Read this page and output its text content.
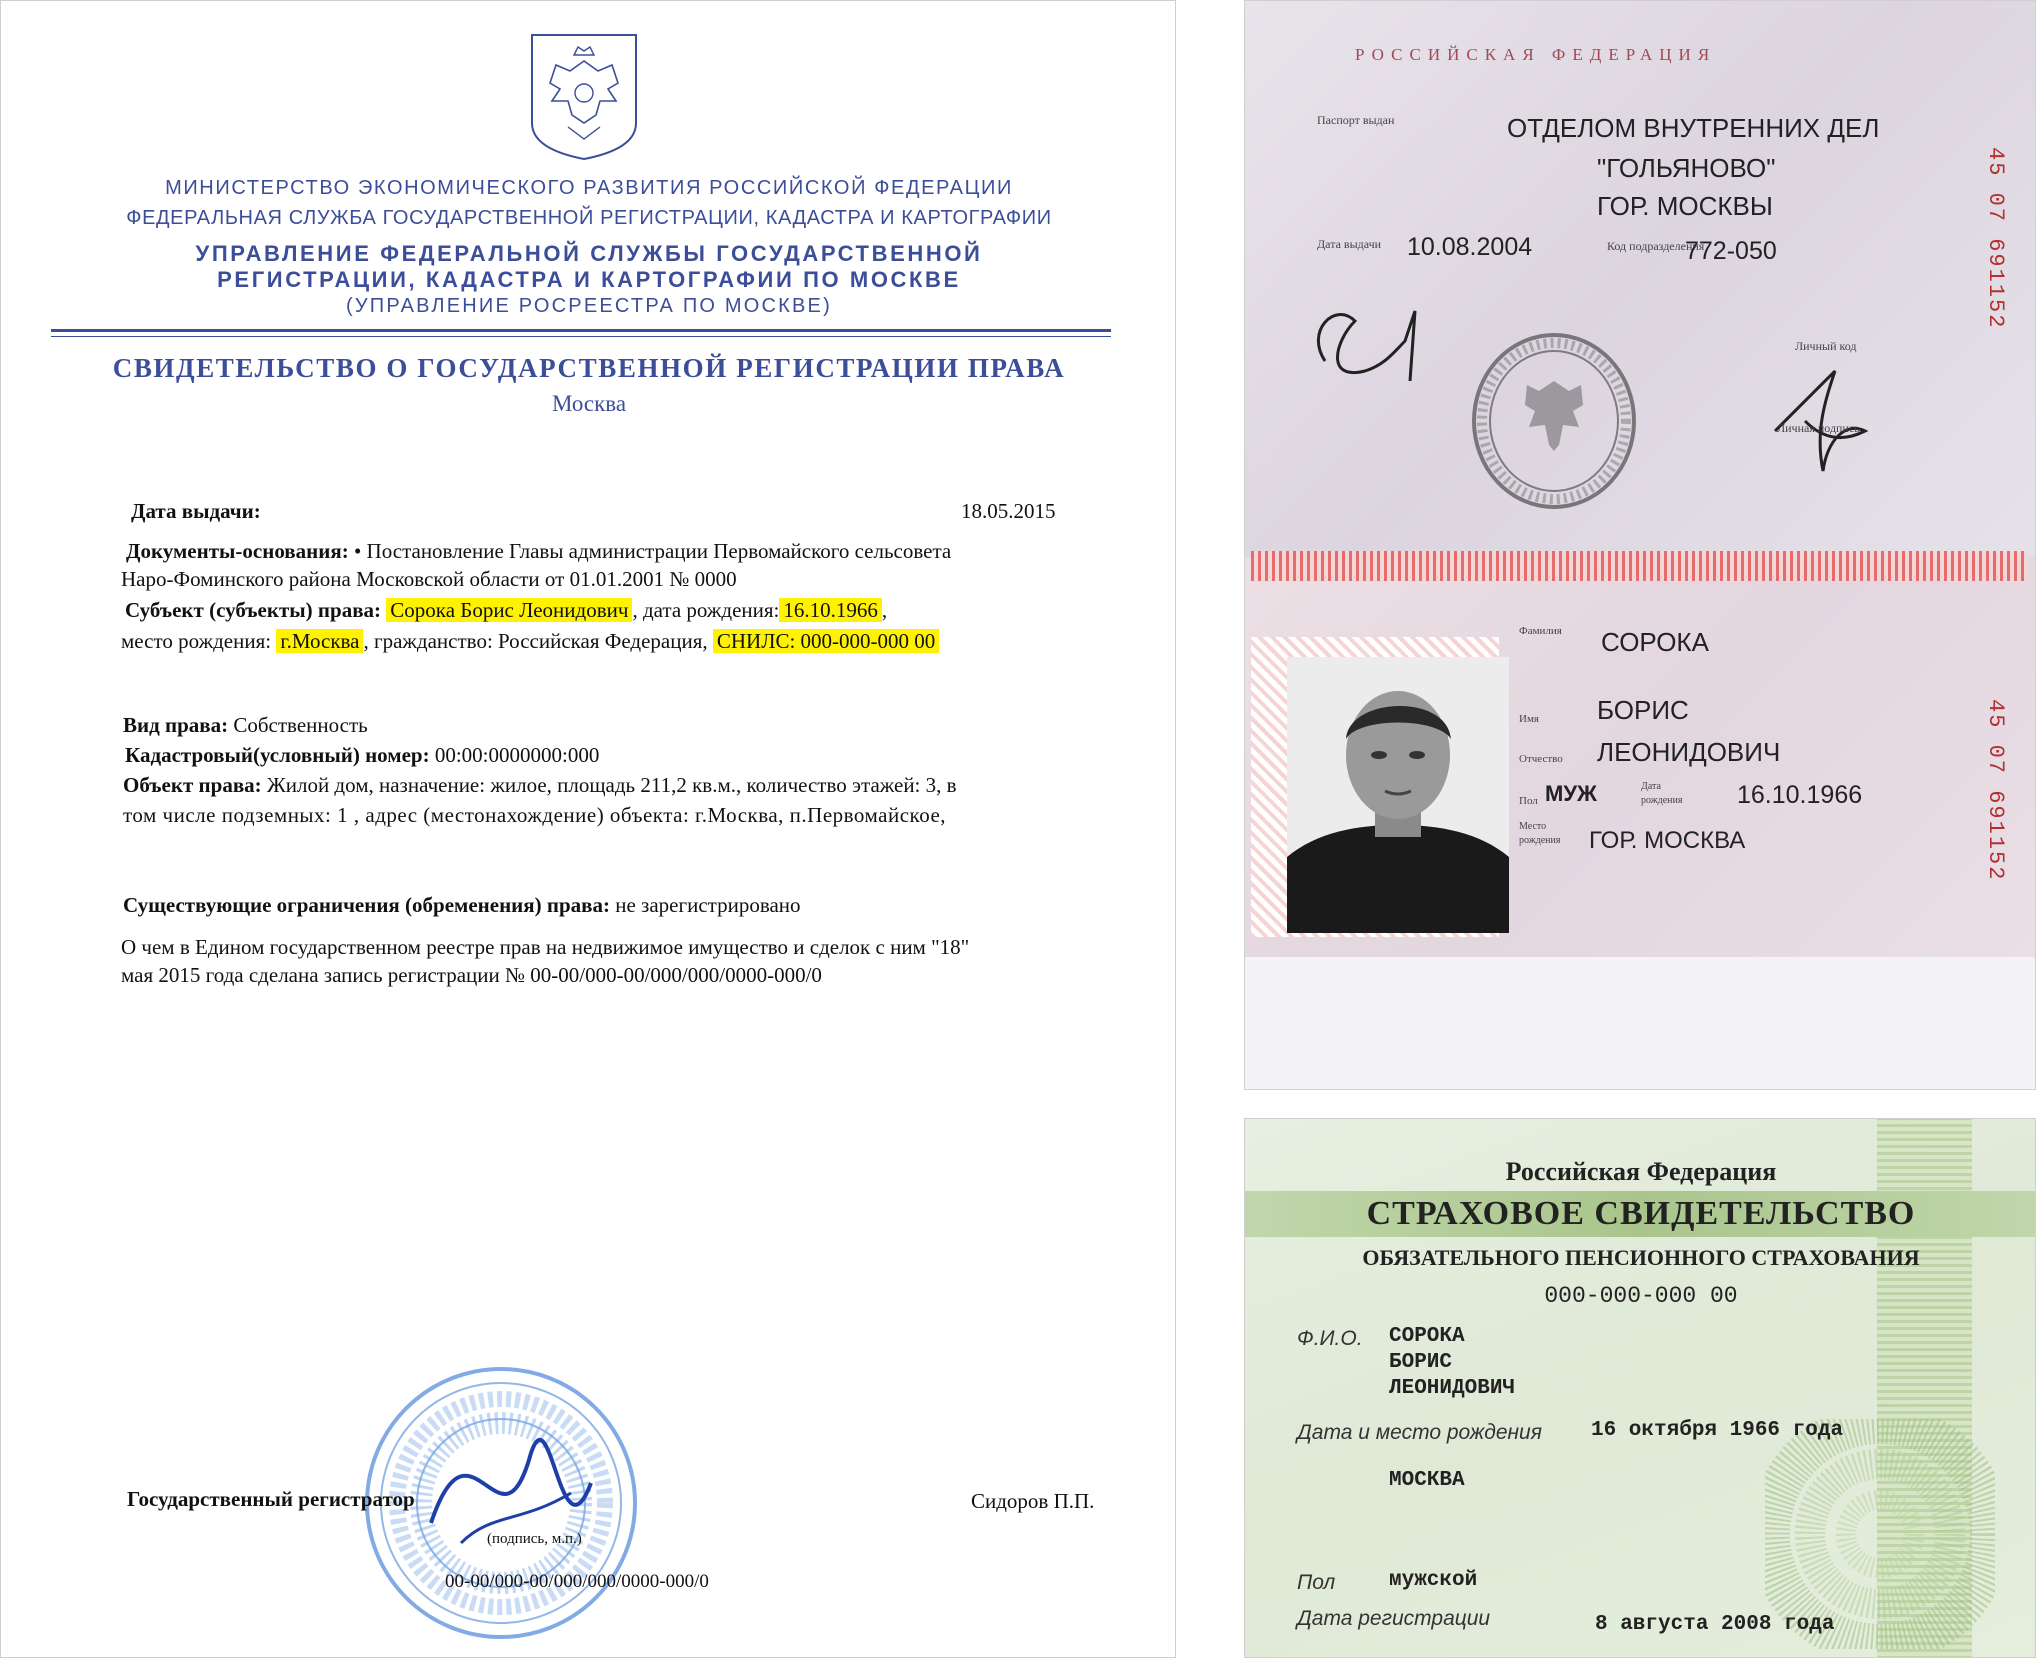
МИНИСТЕРСТВО ЭКОНОМИЧЕСКОГО РАЗВИТИЯ РОССИЙСКОЙ ФЕДЕРАЦИИ
ФЕДЕРАЛЬНАЯ СЛУЖБА ГОСУДАРСТВЕННОЙ РЕГИСТРАЦИИ, КАДАСТРА И КАРТОГРАФИИ
УПРАВЛЕНИЕ ФЕДЕРАЛЬНОЙ СЛУЖБЫ ГОСУДАРСТВЕННОЙ
РЕГИСТРАЦИИ, КАДАСТРА И КАРТОГРАФИИ ПО МОСКВЕ
(УПРАВЛЕНИЕ РОСРЕЕСТРА ПО МОСКВЕ)
СВИДЕТЕЛЬСТВО О ГОСУДАРСТВЕННОЙ РЕГИСТРАЦИИ ПРАВА
Москва
Дата выдачи:	18.05.2015
Документы-основания: • Постановление Главы администрации Первомайского сельсовета
Наро-Фоминского района Московской области от 01.01.2001 № 0000
Субъект (субъекты) права: Сорока Борис Леонидович , дата рождения: 16.10.1966 ,
место рождения: г.Москва , гражданство: Российская Федерация, СНИЛС: 000-000-000 00
Вид права: Собственность
Кадастровый(условный) номер: 00:00:0000000:000
Объект права: Жилой дом, назначение: жилое, площадь 211,2 кв.м., количество этажей: 3, в
том числе подземных: 1 , адрес (местонахождение) объекта: г.Москва, п.Первомайское,
Существующие ограничения (обременения) права: не зарегистрировано
О чем в Едином государственном реестре прав на недвижимое имущество и сделок с ним "18"
мая 2015 года сделана запись регистрации № 00-00/000-00/000/000/0000-000/0
Государственный регистратор	Сидоров П.П.
(подпись, м.п.)
00-00/000-00/000/000/0000-000/0
РОССИЙСКАЯ ФЕДЕРАЦИЯ
Паспорт выдан	ОТДЕЛОМ ВНУТРЕННИХ ДЕЛ
"ГОЛЬЯНОВО"
ГОР. МОСКВЫ
Дата выдачи 10.08.2004	Код подразделения
772-050
Личный код
Личная подпись
Фамилия СОРОКА
Имя БОРИС
Отчество ЛЕОНИДОВИЧ
Пол МУЖ	Дата
рождения 16.10.1966
Место
рождения ГОР. МОСКВА
45 07 691152
45 07 691152
Российская Федерация
СТРАХОВОЕ СВИДЕТЕЛЬСТВО
ОБЯЗАТЕЛЬНОГО ПЕНСИОННОГО СТРАХОВАНИЯ
000-000-000 00
Ф.И.О. СОРОКА
БОРИС
ЛЕОНИДОВИЧ
Дата и место рождения 16 октября 1966 года
МОСКВА
Пол	мужской
Дата регистрации	8 августа 2008 года
